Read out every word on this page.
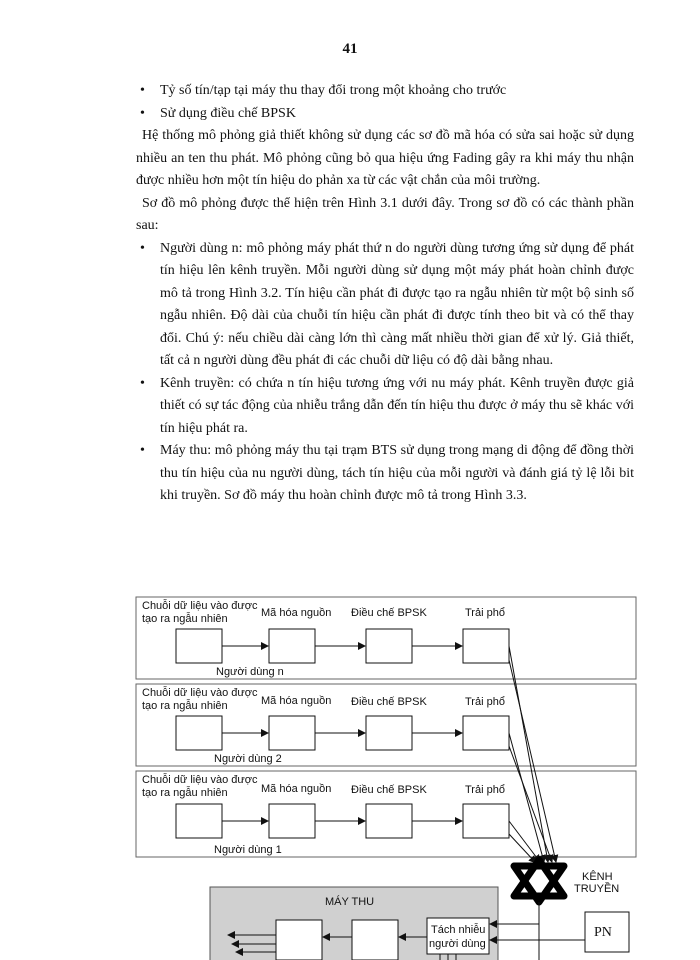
41
•	Tỷ số tín/tạp tại máy thu thay đổi trong một khoảng cho trước
•	Sử dụng điều chế BPSK
Hệ thống mô phỏng giả thiết không sử dụng các sơ đồ mã hóa có sửa sai hoặc sử dụng nhiều an ten thu phát. Mô phỏng cũng bỏ qua hiệu ứng Fading gây ra khi máy thu nhận được nhiều hơn một tín hiệu do phản xa từ các vật chắn của môi trường.
Sơ đồ mô phỏng được thể hiện trên Hình 3.1 dưới đây. Trong sơ đồ có các thành phần sau:
•	Người dùng n: mô phỏng máy phát thứ n do người dùng tương ứng sử dụng để phát tín hiệu lên kênh truyền. Mỗi người dùng sử dụng một máy phát hoàn chỉnh được mô tả trong Hình 3.2. Tín hiệu cần phát đi được tạo ra ngẫu nhiên từ một bộ sinh số ngẫu nhiên. Độ dài của chuỗi tín hiệu cần phát đi được tính theo bit và có thể thay đổi. Chú ý: nếu chiều dài càng lớn thì càng mất nhiều thời gian để xử lý. Giả thiết, tất cả n người dùng đều phát đi các chuỗi dữ liệu có độ dài bằng nhau.
•	Kênh truyền: có chứa n tín hiệu tương ứng với nu máy phát. Kênh truyền được giả thiết có sự tác động của nhiễu trắng dẫn đến tín hiệu thu được ở máy thu sẽ khác với tín hiệu phát ra.
•	Máy thu: mô phỏng máy thu tại trạm BTS sử dụng trong mạng di động để đồng thời thu tín hiệu của nu người dùng, tách tín hiệu của mỗi người và đánh giá tỷ lệ lỗi bit khi truyền. Sơ đồ máy thu hoàn chỉnh được mô tả trong Hình 3.3.
Chuỗi dữ liệu vào được
tạo ra ngẫu nhiên	Mã hóa nguồn Điều chế BPSK	Trải phổ
Người dùng n
Chuỗi dữ liệu vào được
tạo ra ngẫu nhiên	Mã hóa nguồn Điều chế BPSK	Trải phổ
Người dùng 2
Chuỗi dữ liệu vào được
tạo ra ngẫu nhiên	Mã hóa nguồn Điều chế BPSK	Trải phổ
Người dùng 1
KÊNH
TRUYỀN
MÁY THU
Tách nhiễu
người dùng
PN
